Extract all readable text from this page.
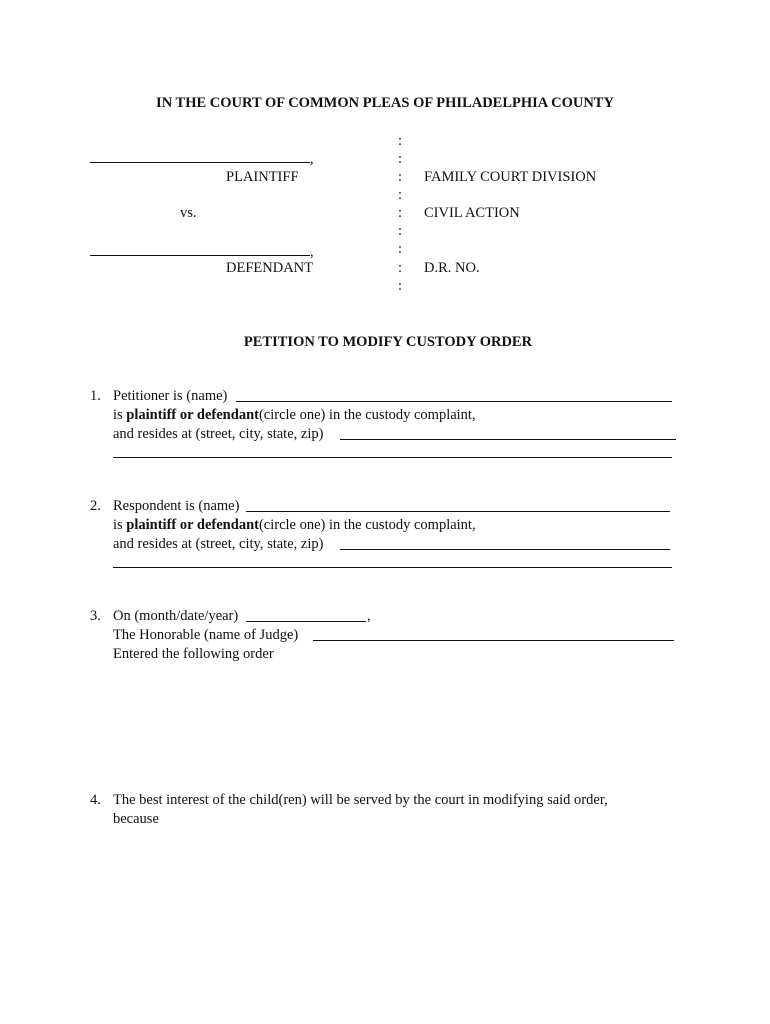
IN THE COURT OF COMMON PLEAS OF PHILADELPHIA COUNTY
,
PLAINTIFF
vs.
,
DEFENDANT
:
:
:
:
:
:
:
:
:
FAMILY COURT DIVISION
CIVIL ACTION
D.R. NO.
PETITION TO MODIFY CUSTODY ORDER
1. Petitioner is (name)
is plaintiff or defendant(circle one) in the custody complaint,
and resides at (street, city, state, zip)
2. Respondent is (name)
is plaintiff or defendant(circle one) in the custody complaint,
and resides at (street, city, state, zip)
3. On (month/date/year)	,
The Honorable (name of Judge)
Entered the following order
4. The best interest of the child(ren) will be served by the court in modifying said order,
because
